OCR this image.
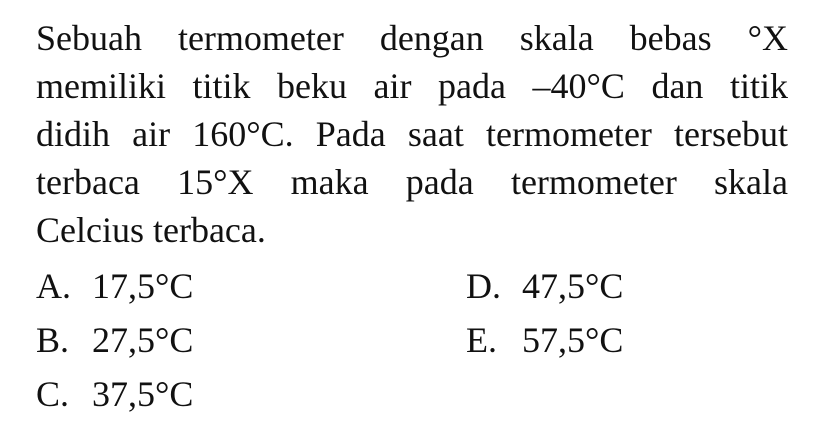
Sebuah termometer dengan skala bebas °X
memiliki titik beku air pada –40°C dan titik
didih air 160°C. Pada saat termometer tersebut
terbaca 15°X maka pada termometer skala
Celcius terbaca.
A. 17,5°C
B. 27,5°C
C. 37,5°C
D. 47,5°C
E. 57,5°C
